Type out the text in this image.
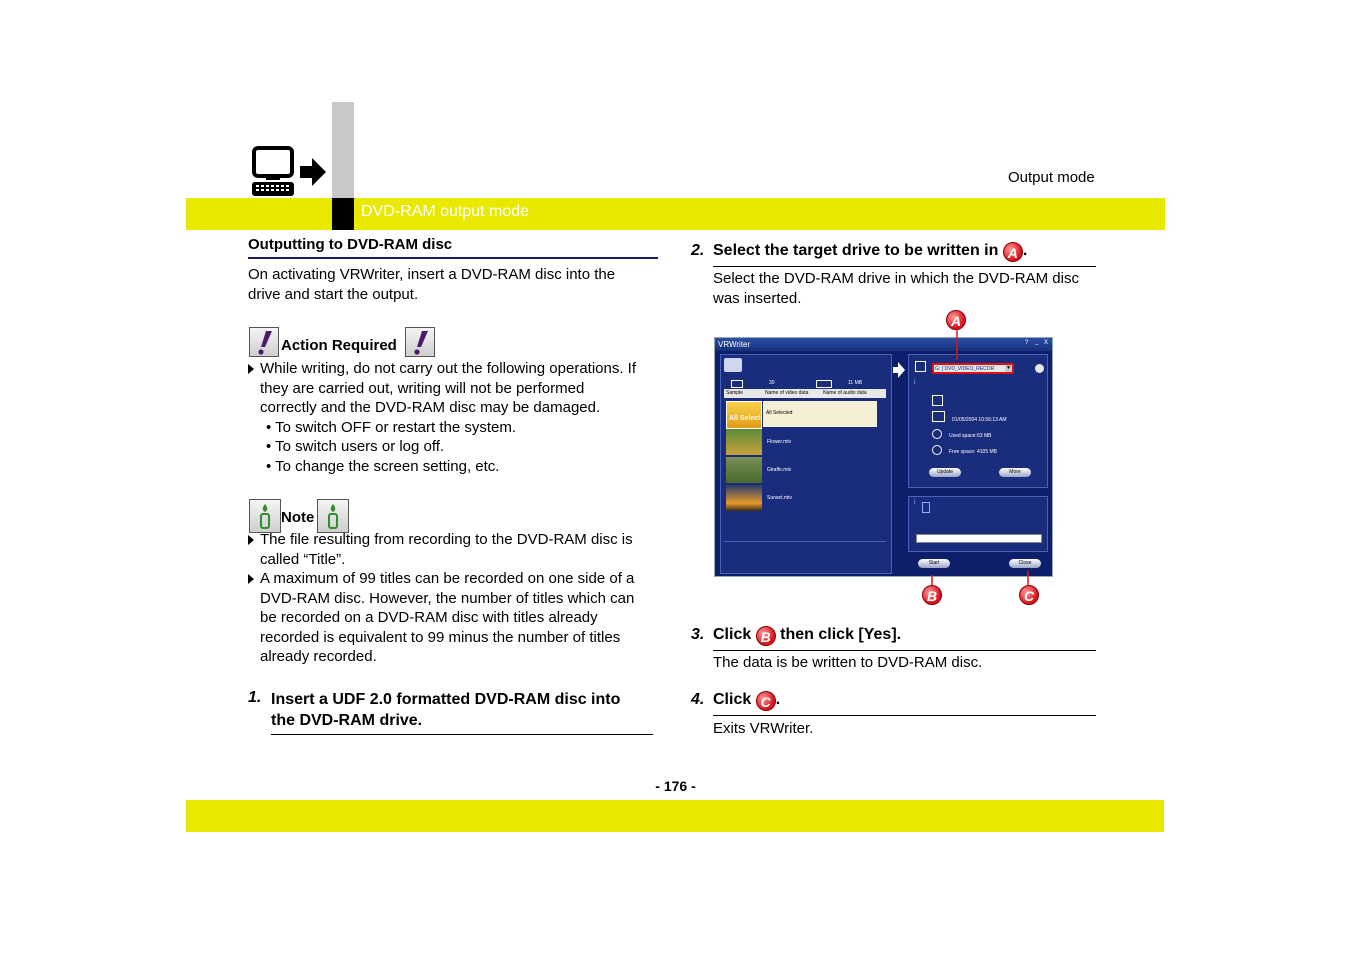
DVD-RAM output mode
Output mode
Outputting to DVD-RAM disc
On activating VRWriter, insert a DVD-RAM disc into the
drive and start the output.
Action Required
While writing, do not carry out the following operations. If
they are carried out, writing will not be performed
correctly and the DVD-RAM disc may be damaged.
• To switch OFF or restart the system.
• To switch users or log off.
• To change the screen setting, etc.
Note
The file resulting from recording to the DVD-RAM disc is
called “Title”.
A maximum of 99 titles can be recorded on one side of a
DVD-RAM disc. However, the number of titles which can
be recorded on a DVD-RAM disc with titles already
recorded is equivalent to 99 minus the number of titles
already recorded.
1. Insert a UDF 2.0 formatted DVD-RAM disc into
the DVD-RAM drive.
2. Select the target drive to be written in A .
Select the DVD-RAM drive in which the DVD-RAM disc
was inserted.
A
VRWriter	? _ X
30	11 MB
Sample	Name of video data	Name of audio data
All Select
All Selected
Flower.mtv
Giraffe.mtv
Sunset.mtv
G: [ DVD_VIDEO_RECOR ▼
i
01/05/2004 10:56:13 AM
Used space: 63 MB
Free space: 4105 MB
Update	More
i
Start	Close
B	C
3. Click B then click [Yes].
The data is be written to DVD-RAM disc.
4. Click C .
Exits VRWriter.
- 176 -
